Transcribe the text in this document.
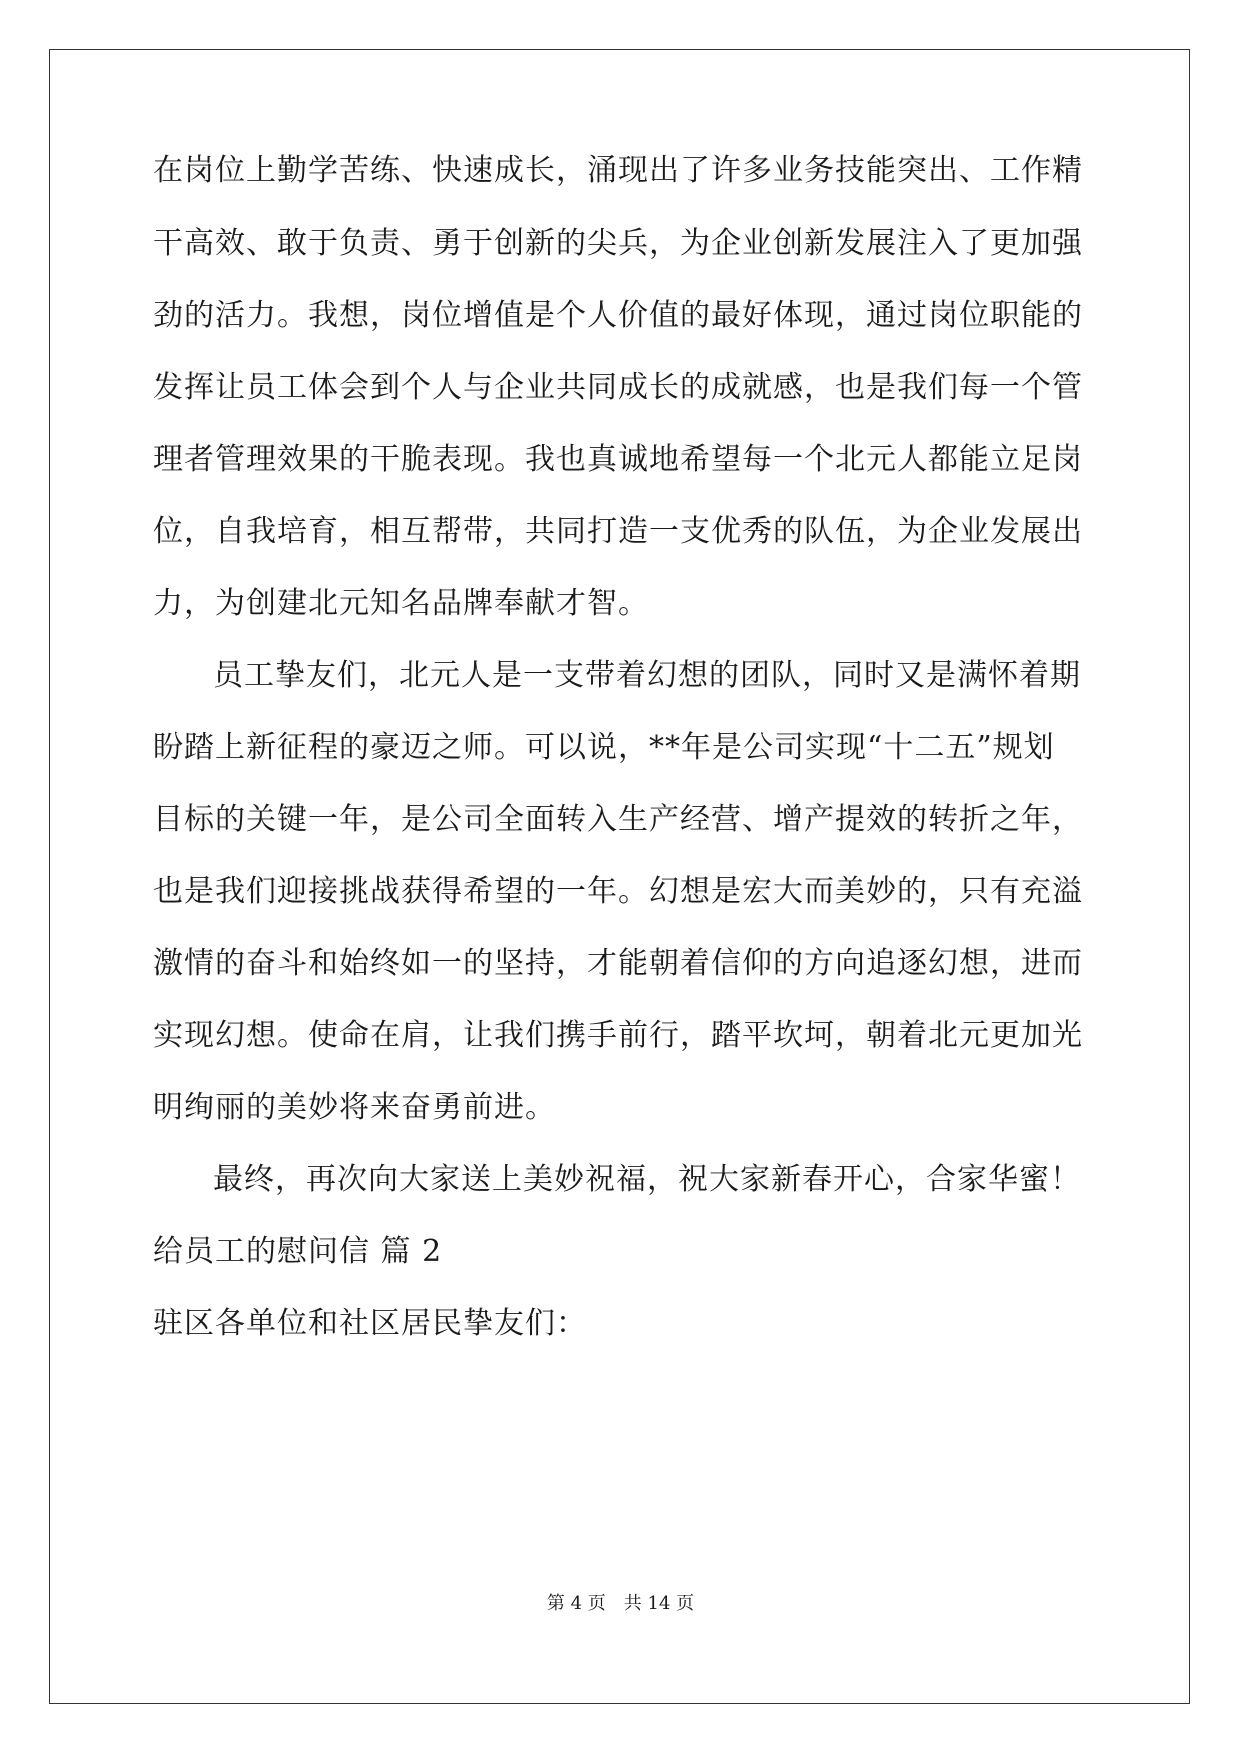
在岗位上勤学苦练、快速成长，涌现出了许多业务技能突出、工作精
干高效、敢于负责、勇于创新的尖兵，为企业创新发展注入了更加强
劲的活力。我想，岗位增值是个人价值的最好体现，通过岗位职能的
发挥让员工体会到个人与企业共同成长的成就感，也是我们每一个管
理者管理效果的干脆表现。我也真诚地希望每一个北元人都能立足岗
位，自我培育，相互帮带，共同打造一支优秀的队伍，为企业发展出
力，为创建北元知名品牌奉献才智。
员工挚友们，北元人是一支带着幻想的团队，同时又是满怀着期
盼踏上新征程的豪迈之师。可以说，**年是公司实现“十二五”规划
目标的关键一年，是公司全面转入生产经营、增产提效的转折之年，
也是我们迎接挑战获得希望的一年。幻想是宏大而美妙的，只有充溢
激情的奋斗和始终如一的坚持，才能朝着信仰的方向追逐幻想，进而
实现幻想。使命在肩，让我们携手前行，踏平坎坷，朝着北元更加光
明绚丽的美妙将来奋勇前进。
最终，再次向大家送上美妙祝福，祝大家新春开心，合家华蜜！
给员工的慰问信 篇 2
驻区各单位和社区居民挚友们：
第 4 页 共 14 页
